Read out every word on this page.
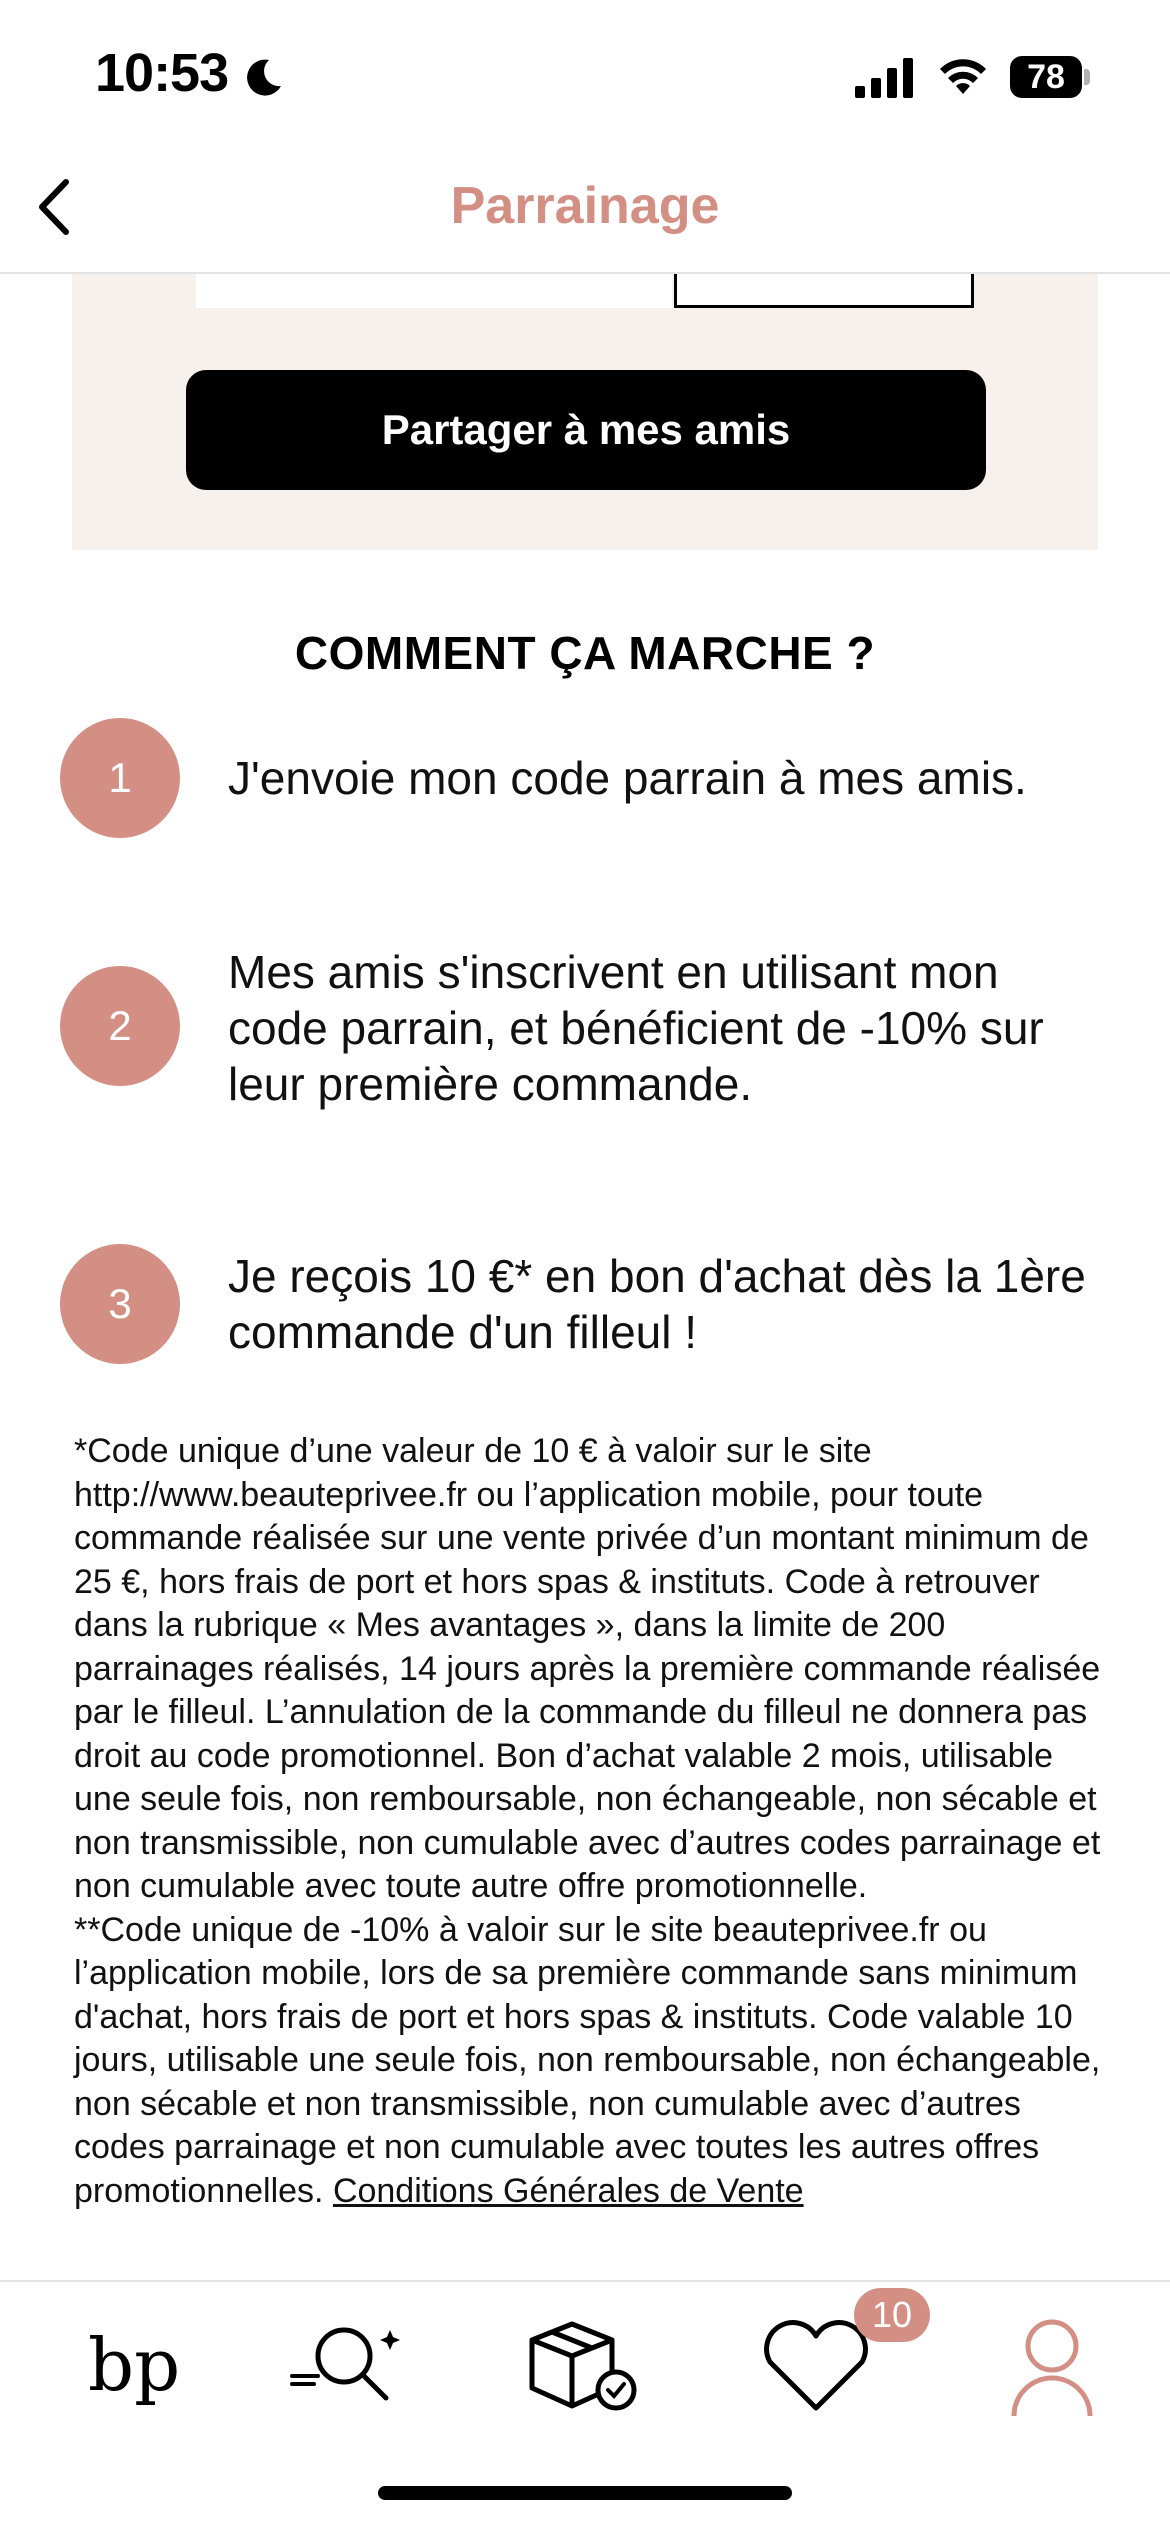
10:53	78
Parrainage
Partager à mes amis
COMMENT ÇA MARCHE ?
1	J'envoie mon code parrain à mes amis.
2
Mes amis s'inscrivent en utilisant mon code parrain, et bénéficient de -10% sur leur première commande.
3
Je reçois 10 €* en bon d'achat dès la 1ère commande d'un filleul !

*Code unique d’une valeur de 10 € à valoir sur le site http://www.beauteprivee.fr ou l’application mobile, pour toute commande réalisée sur une vente privée d’un montant minimum de 25 €, hors frais de port et hors spas & instituts. Code à retrouver dans la rubrique « Mes avantages », dans la limite de 200 parrainages réalisés, 14 jours après la première commande réalisée par le filleul. L’annulation de la commande du filleul ne donnera pas droit au code promotionnel. Bon d’achat valable 2 mois, utilisable une seule fois, non remboursable, non échangeable, non sécable et non transmissible, non cumulable avec d’autres codes parrainage et non cumulable avec toute autre offre promotionnelle.

**Code unique de -10% à valoir sur le site beauteprivee.fr ou l’application mobile, lors de sa première commande sans minimum d'achat, hors frais de port et hors spas & instituts. Code valable 10 jours, utilisable une seule fois, non remboursable, non échangeable, non sécable et non transmissible, non cumulable avec d’autres codes parrainage et non cumulable avec toutes les autres offres promotionnelles. Conditions Générales de Vente

bp
10
